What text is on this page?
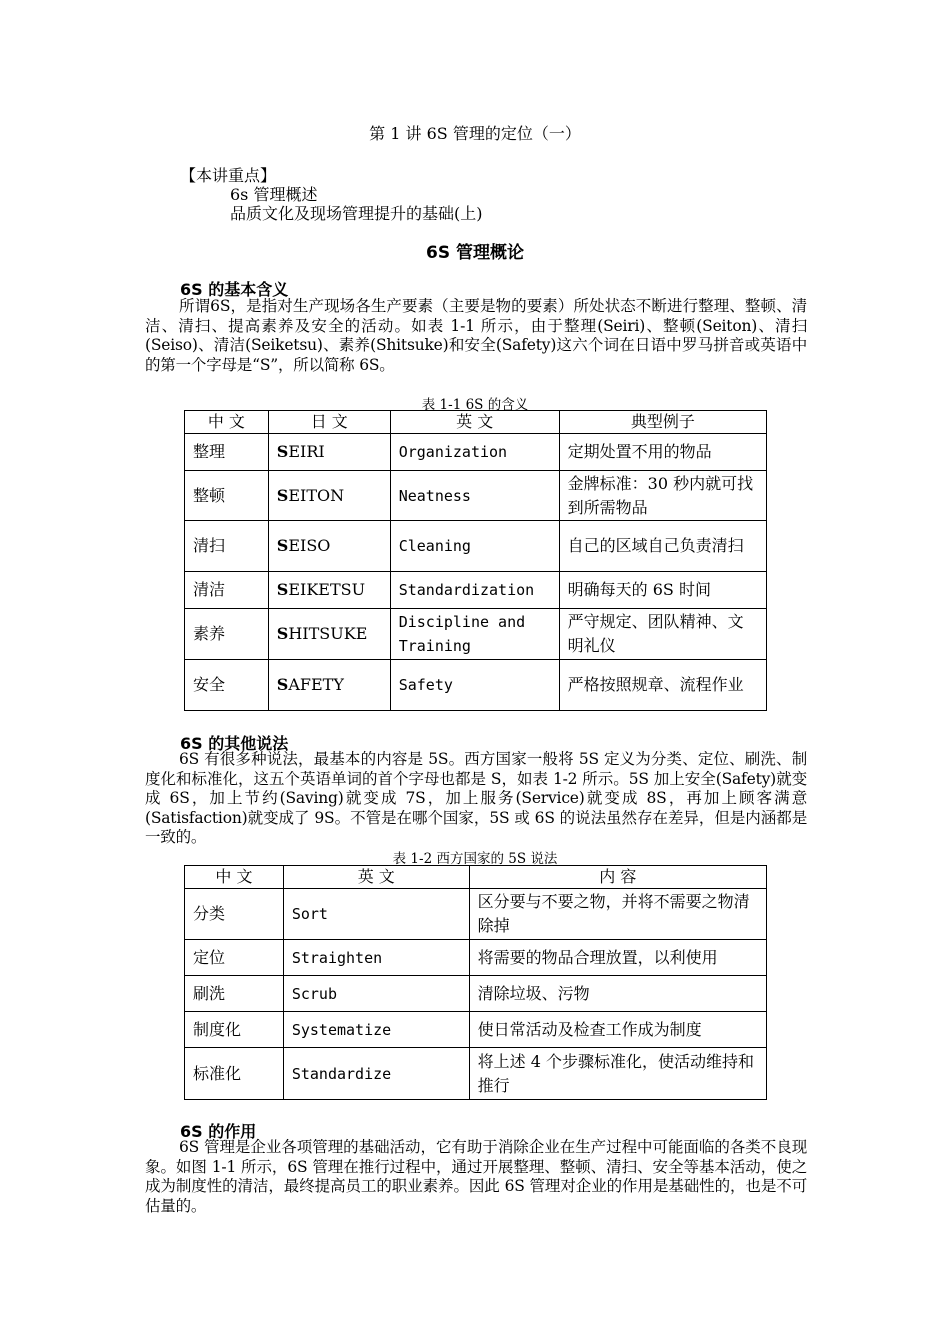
第 1 讲 6S 管理的定位（一）
【本讲重点】
6s 管理概述
品质文化及现场管理提升的基础(上)
6S 管理概论
6S 的基本含义
所谓6S，是指对生产现场各生产要素（主要是物的要素）所处状态不断进行整理、整顿、清洁、清扫、提高素养及安全的活动。如表 1-1 所示，由于整理(Seiri)、整顿(Seiton)、清扫(Seiso)、清洁(Seiketsu)、素养(Shitsuke)和安全(Safety)这六个词在日语中罗马拼音或英语中的第一个字母是“S”，所以简称 6S。
表 1-1 6S 的含义
中 文	日 文	英 文	典型例子
整理	SEIRI	Organization	定期处置不用的物品
整顿	SEITON	Neatness	金牌标准：30 秒内就可找到所需物品
清扫	SEISO	Cleaning	自己的区域自己负责清扫
清洁	SEIKETSU	Standardization	明确每天的 6S 时间
素养	SHITSUKE	Discipline and Training	严守规定、团队精神、文明礼仪
安全	SAFETY	Safety	严格按照规章、流程作业
6S 的其他说法
6S 有很多种说法，最基本的内容是 5S。西方国家一般将 5S 定义为分类、定位、刷洗、制度化和标准化，这五个英语单词的首个字母也都是 S，如表 1-2 所示。5S 加上安全(Safety)就变成 6S，加上节约(Saving)就变成 7S，加上服务(Service)就变成 8S，再加上顾客满意(Satisfaction)就变成了 9S。不管是在哪个国家，5S 或 6S 的说法虽然存在差异，但是内涵都是一致的。
表 1-2 西方国家的 5S 说法
中 文	英 文	内 容
分类	Sort	区分要与不要之物，并将不需要之物清除掉
定位	Straighten	将需要的物品合理放置，以利使用
刷洗	Scrub	清除垃圾、污物
制度化	Systematize	使日常活动及检查工作成为制度
标准化	Standardize	将上述 4 个步骤标准化，使活动维持和推行
6S 的作用
6S 管理是企业各项管理的基础活动，它有助于消除企业在生产过程中可能面临的各类不良现象。如图 1-1 所示，6S 管理在推行过程中，通过开展整理、整顿、清扫、安全等基本活动，使之成为制度性的清洁，最终提高员工的职业素养。因此 6S 管理对企业的作用是基础性的，也是不可估量的。
